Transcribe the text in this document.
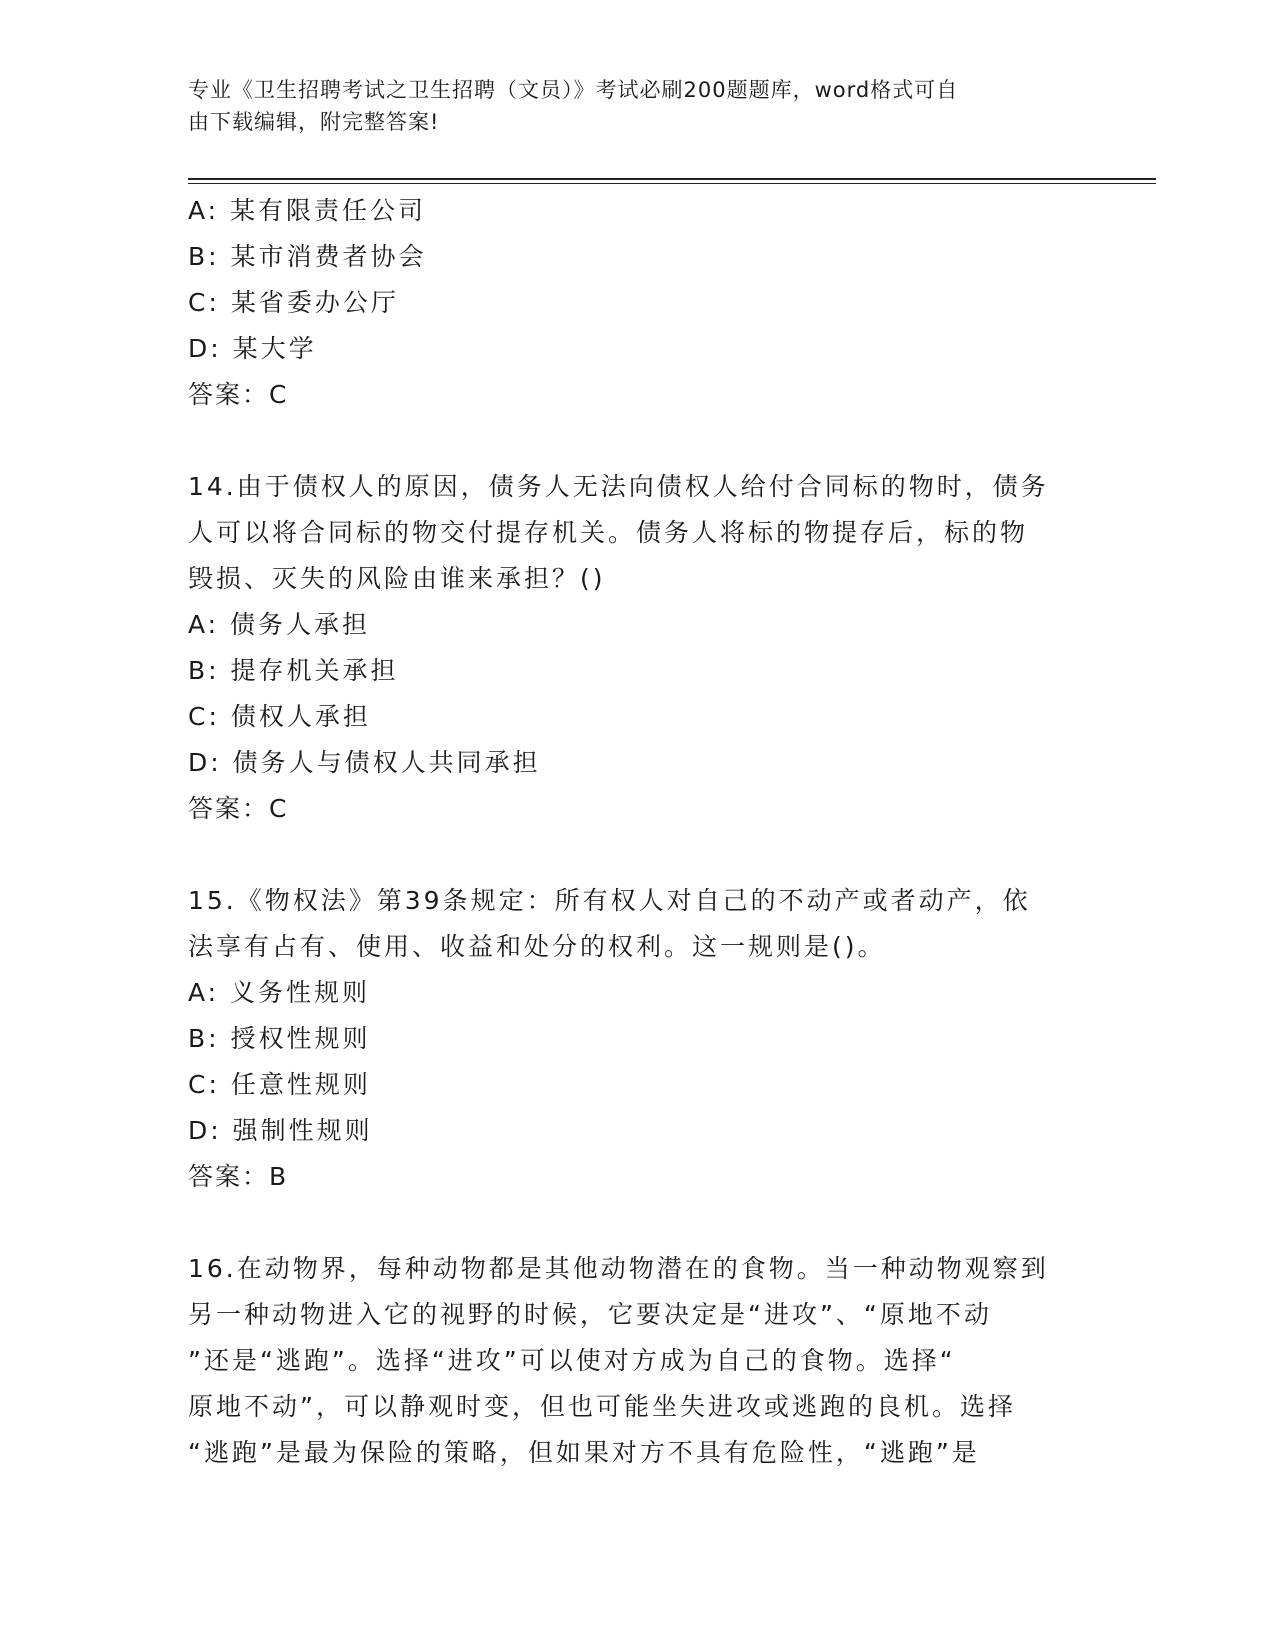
专业《卫生招聘考试之卫生招聘（文员）》考试必刷200题题库，word格式可自
由下载编辑，附完整答案!

A: 某有限责任公司

B: 某市消费者协会

C: 某省委办公厅

D: 某大学

答案：C

14.由于债权人的原因，债务人无法向债权人给付合同标的物时，债务

人可以将合同标的物交付提存机关。债务人将标的物提存后，标的物

毁损、灭失的风险由谁来承担？()

A: 债务人承担

B: 提存机关承担

C: 债权人承担

D: 债务人与债权人共同承担

答案：C

15.《物权法》第39条规定：所有权人对自己的不动产或者动产，依

法享有占有、使用、收益和处分的权利。这一规则是()。

A: 义务性规则

B: 授权性规则

C: 任意性规则

D: 强制性规则

答案：B

16.在动物界，每种动物都是其他动物潜在的食物。当一种动物观察到

另一种动物进入它的视野的时候，它要决定是“进攻”、“原地不动

”还是“逃跑”。选择“进攻”可以使对方成为自己的食物。选择“

原地不动”，可以静观时变，但也可能坐失进攻或逃跑的良机。选择

“逃跑”是最为保险的策略，但如果对方不具有危险性，“逃跑”是
